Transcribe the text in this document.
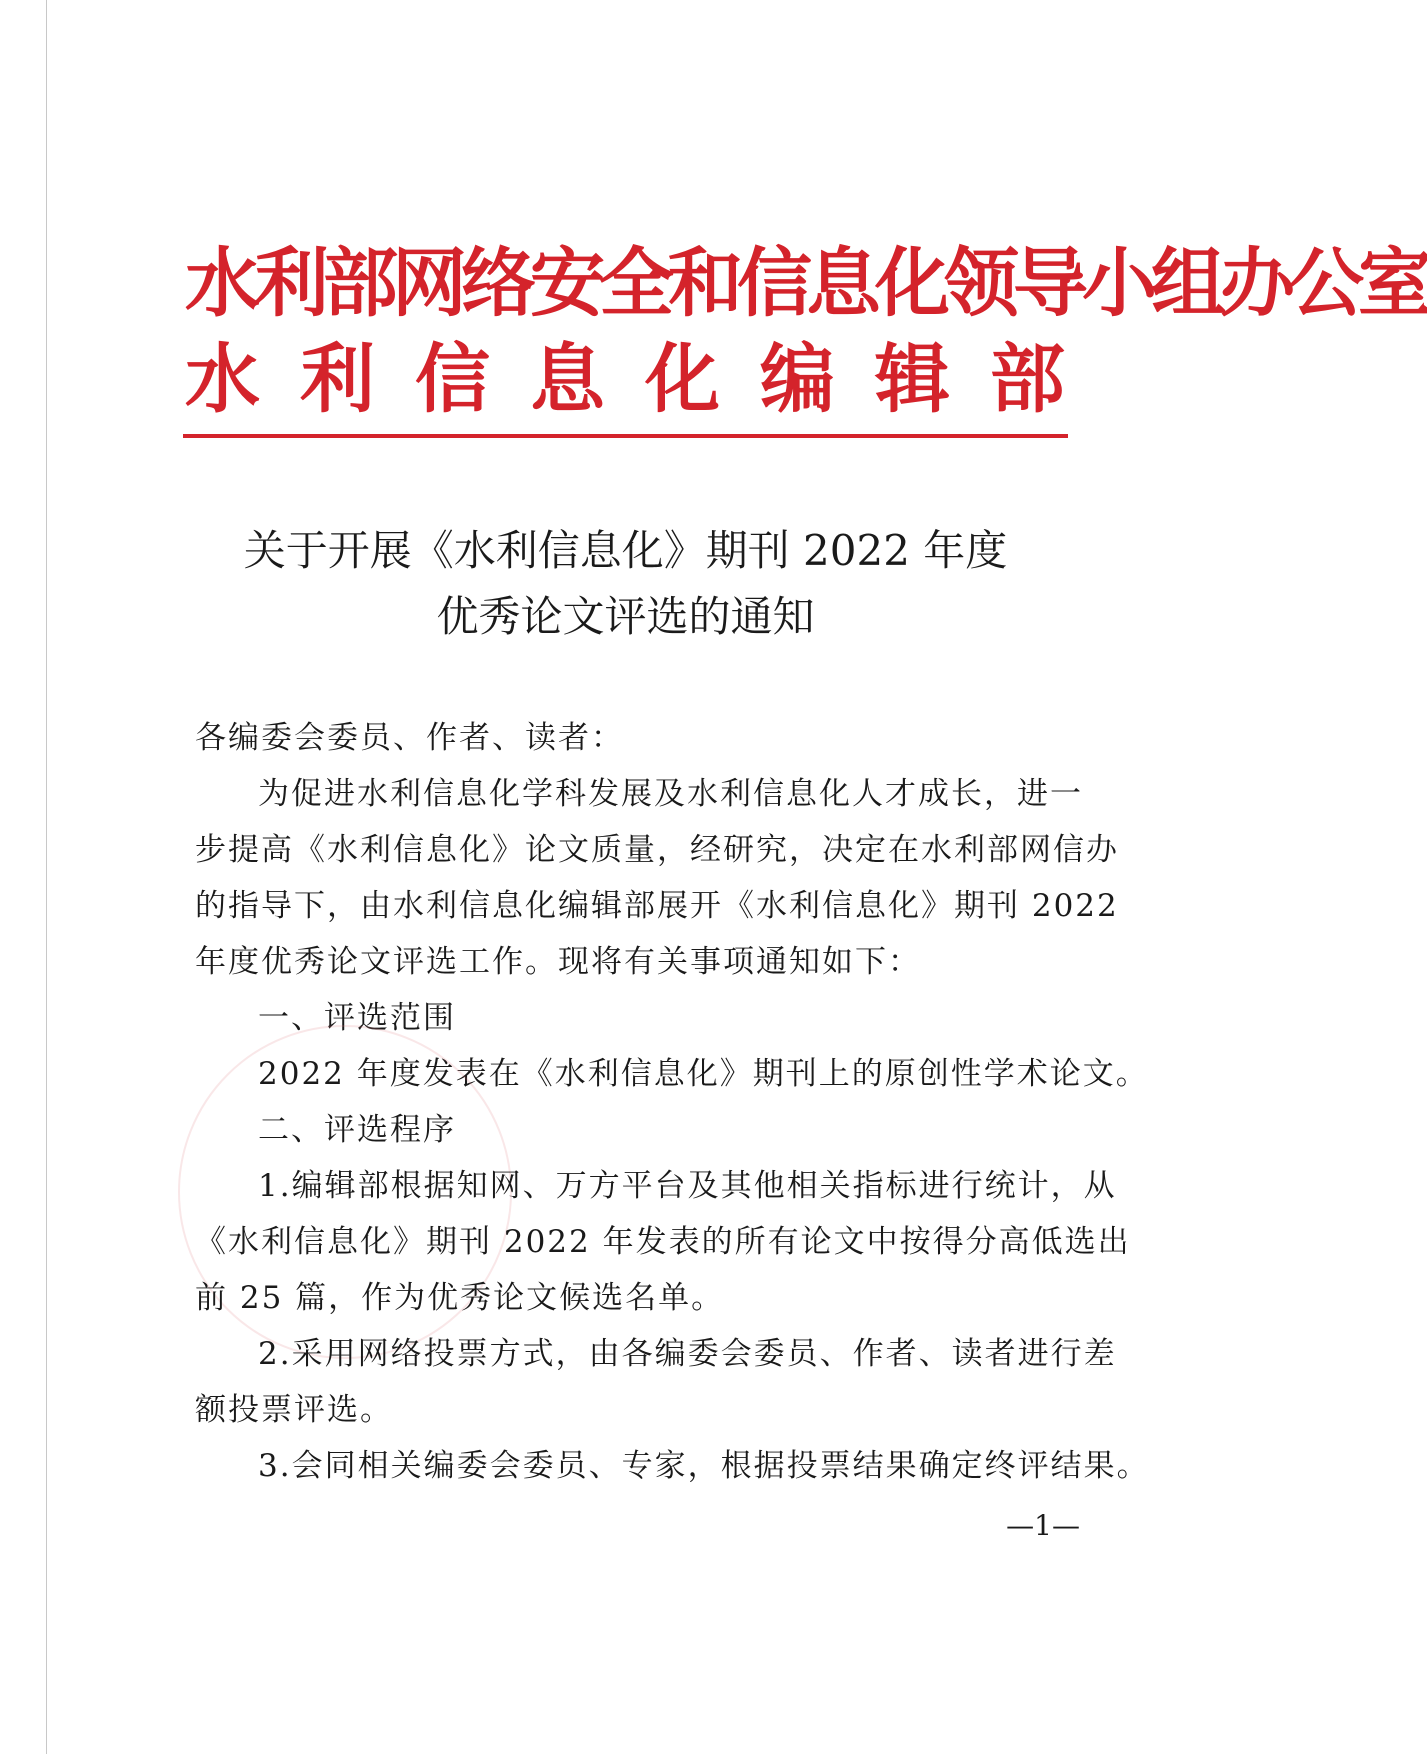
水利部网络安全和信息化领导小组办公室
水 利 信 息 化 编 辑 部
关于开展《水利信息化》期刊 2022 年度
优秀论文评选的通知
各编委会委员、作者、读者：
为促进水利信息化学科发展及水利信息化人才成长，进一
步提高《水利信息化》论文质量，经研究，决定在水利部网信办
的指导下，由水利信息化编辑部展开《水利信息化》期刊 2022
年度优秀论文评选工作。现将有关事项通知如下：
一、评选范围
2022 年度发表在《水利信息化》期刊上的原创性学术论文。
二、评选程序
1.编辑部根据知网、万方平台及其他相关指标进行统计，从
《水利信息化》期刊 2022 年发表的所有论文中按得分高低选出
前 25 篇，作为优秀论文候选名单。
2.采用网络投票方式，由各编委会委员、作者、读者进行差
额投票评选。
3.会同相关编委会委员、专家，根据投票结果确定终评结果。
—1—
